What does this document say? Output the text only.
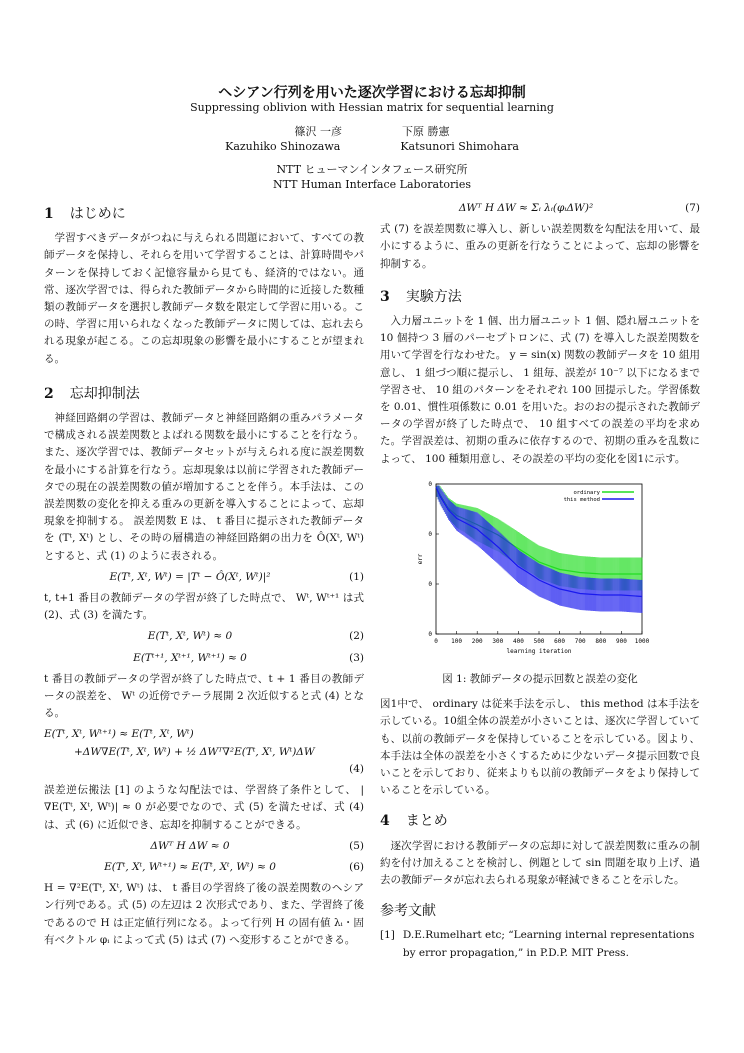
ヘシアン行列を用いた逐次学習における忘却抑制
Suppressing oblivion with Hessian matrix for sequential learning
篠沢 一彦	下原 勝憲
Kazuhiko Shinozawa	Katsunori Shimohara
NTT ヒューマンインタフェース研究所
NTT Human Interface Laboratories
1 はじめに

学習すべきデータがつねに与えられる問題において、すべての教師データを保持し、それらを用いて学習することは、計算時間やパターンを保持しておく記憶容量から見ても、経済的ではない。通常、逐次学習では、得られた教師データから時間的に近接した数種類の教師データを選択し教師データ数を限定して学習に用いる。この時、学習に用いられなくなった教師データに関しては、忘れ去られる現象が起こる。この忘却現象の影響を最小にすることが望まれる。

2 忘却抑制法

神経回路網の学習は、教師データと神経回路網の重みパラメータで構成される誤差関数とよばれる関数を最小にすることを行なう。また、逐次学習では、教師データセットが与えられる度に誤差関数を最小にする計算を行なう。忘却現象は以前に学習された教師データでの現在の誤差関数の値が増加することを伴う。本手法は、この誤差関数の変化を抑える重みの更新を導入することによって、忘却現象を抑制する。 誤差関数 E は、 t 番目に提示された教師データを (Tᵗ, Xᵗ) とし、その時の層構造の神経回路網の出力を Ô(Xᵗ, Wᵗ) とすると、式 (1) のように表される。

E(Tᵗ, Xᵗ, Wᵗ) = |Tᵗ − Ô(Xᵗ, Wᵗ)|²	(1)

t, t+1 番目の教師データの学習が終了した時点で、 Wᵗ, Wᵗ⁺¹ は式 (2)、式 (3) を満たす。

E(Tᵗ, Xᵗ, Wᵗ) ≈ 0	(2)
E(Tᵗ⁺¹, Xᵗ⁺¹, Wᵗ⁺¹) ≈ 0	(3)

t 番目の教師データの学習が終了した時点で、t + 1 番目の教師データの誤差を、 Wᵗ の近傍でテーラ展開 2 次近似すると式 (4) となる。

E(Tᵗ, Xᵗ, Wᵗ⁺¹) ≈ E(Tᵗ, Xᵗ, Wᵗ)
+ΔW∇E(Tᵗ, Xᵗ, Wᵗ) + ½ ΔWᵀ∇²E(Tᵗ, Xᵗ, Wᵗ)ΔW
(4)

誤差逆伝搬法 [1] のような勾配法では、学習終了条件として、 |∇E(Tᵗ, Xᵗ, Wᵗ)| ≈ 0 が必要でなので、式 (5) を満たせば、式 (4) は、式 (6) に近似でき、忘却を抑制することができる。

ΔWᵀ H ΔW ≈ 0	(5)
E(Tᵗ, Xᵗ, Wᵗ⁺¹) ≈ E(Tᵗ, Xᵗ, Wᵗ) ≈ 0	(6)

H = ∇²E(Tᵗ, Xᵗ, Wᵗ) は、 t 番目の学習終了後の誤差関数のヘシアン行列である。式 (5) の左辺は 2 次形式であり、また、学習終了後であるので H は正定値行列になる。よって行列 H の固有値 λᵢ・固有ベクトル φᵢ によって式 (5) は式 (7) へ変形することができる。

ΔWᵀ H ΔW ≈ Σᵢ λᵢ(φᵢΔW)²	(7)

式 (7) を誤差関数に導入し、新しい誤差関数を勾配法を用いて、最小にするように、重みの更新を行なうことによって、忘却の影響を抑制する。

3 実験方法

入力層ユニットを 1 個、出力層ユニット 1 個、隠れ層ユニットを 10 個持つ 3 層のパーセプトロンに、式 (7) を導入した誤差関数を用いて学習を行なわせた。 y = sin(x) 関数の教師データを 10 組用意し、 1 組づつ順に提示し、 1 組毎、誤差が 10⁻⁷ 以下になるまで学習させ、 10 組のパターンをそれぞれ 100 回提示した。学習係数を 0.01、慣性項係数に 0.01 を用いた。おのおの提示された教師データの学習が終了した時点で、 10 組すべての誤差の平均を求めた。学習誤差は、初期の重みに依存するので、初期の重みを乱数によって、 100 種類用意し、その誤差の平均の変化を図1に示す。

0 100 200 300 400 500 600 700 800 900 1000
0
0
0
0
learning iteration
err
ordinary
this method
図 1: 教師データの提示回数と誤差の変化

図1中で、 ordinary は従来手法を示し、 this method は本手法を示している。10組全体の誤差が小さいことは、逐次に学習していても、以前の教師データを保持していることを示している。図より、本手法は全体の誤差を小さくするために少ないデータ提示回数で良いことを示しており、従来よりも以前の教師データをより保持していることを示している。

4 まとめ

逐次学習における教師データの忘却に対して誤差関数に重みの制約を付け加えることを検討し、例題として sin 問題を取り上げ、過去の教師データが忘れ去られる現象が軽減できることを示した。

参考文献
[1] D.E.Rumelhart etc; “Learning internal representations by error propagation,” in P.D.P. MIT Press.
